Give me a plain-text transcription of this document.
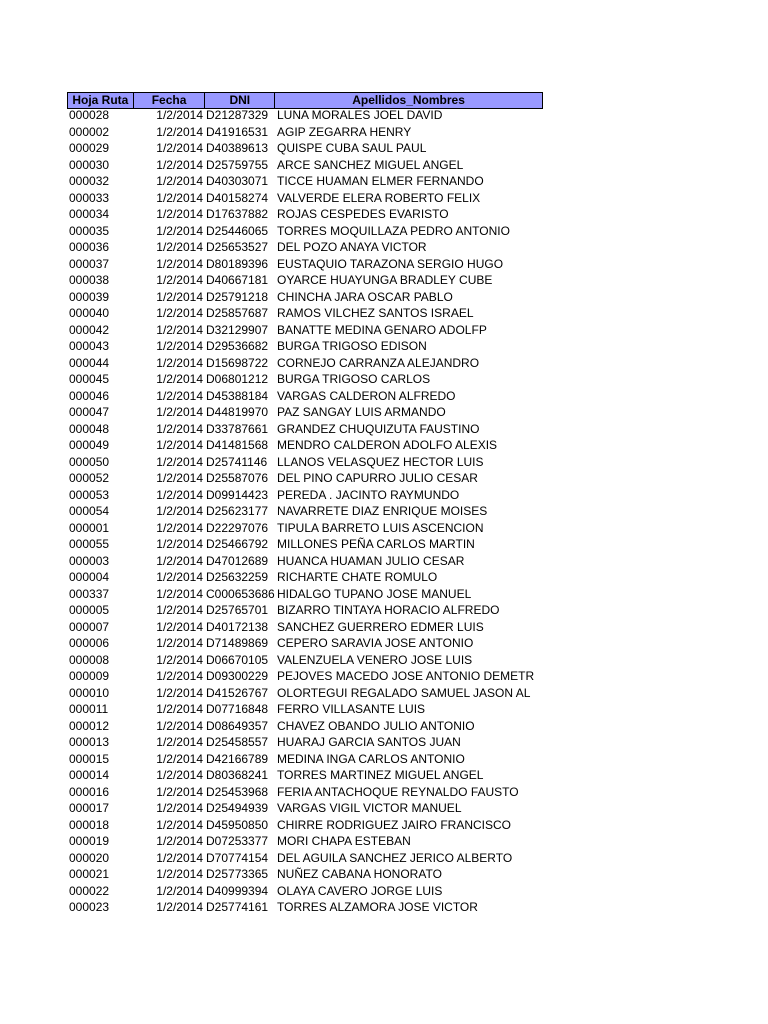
Hoja Ruta	Fecha	DNI	Apellidos_Nombres
000028	1/2/2014 D21287329 LUNA MORALES JOEL DAVID
000002	1/2/2014 D41916531 AGIP ZEGARRA HENRY
000029	1/2/2014 D40389613 QUISPE CUBA SAUL PAUL
000030	1/2/2014 D25759755 ARCE SANCHEZ MIGUEL ANGEL
000032	1/2/2014 D40303071 TICCE HUAMAN ELMER FERNANDO
000033	1/2/2014 D40158274 VALVERDE ELERA ROBERTO FELIX
000034	1/2/2014 D17637882 ROJAS CESPEDES EVARISTO
000035	1/2/2014 D25446065 TORRES MOQUILLAZA PEDRO ANTONIO
000036	1/2/2014 D25653527 DEL POZO ANAYA VICTOR
000037	1/2/2014 D80189396 EUSTAQUIO TARAZONA SERGIO HUGO
000038	1/2/2014 D40667181 OYARCE HUAYUNGA BRADLEY CUBE
000039	1/2/2014 D25791218 CHINCHA JARA OSCAR PABLO
000040	1/2/2014 D25857687 RAMOS VILCHEZ SANTOS ISRAEL
000042	1/2/2014 D32129907 BANATTE MEDINA GENARO ADOLFP
000043	1/2/2014 D29536682 BURGA TRIGOSO EDISON
000044	1/2/2014 D15698722 CORNEJO CARRANZA ALEJANDRO
000045	1/2/2014 D06801212 BURGA TRIGOSO CARLOS
000046	1/2/2014 D45388184 VARGAS CALDERON ALFREDO
000047	1/2/2014 D44819970 PAZ SANGAY LUIS ARMANDO
000048	1/2/2014 D33787661 GRANDEZ CHUQUIZUTA FAUSTINO
000049	1/2/2014 D41481568 MENDRO CALDERON ADOLFO ALEXIS
000050	1/2/2014 D25741146 LLANOS VELASQUEZ HECTOR LUIS
000052	1/2/2014 D25587076 DEL PINO CAPURRO JULIO CESAR
000053	1/2/2014 D09914423 PEREDA . JACINTO RAYMUNDO
000054	1/2/2014 D25623177 NAVARRETE DIAZ ENRIQUE MOISES
000001	1/2/2014 D22297076 TIPULA BARRETO LUIS ASCENCION
000055	1/2/2014 D25466792 MILLONES PEÑA CARLOS MARTIN
000003	1/2/2014 D47012689 HUANCA HUAMAN JULIO CESAR
000004	1/2/2014 D25632259 RICHARTE CHATE ROMULO
000337	1/2/2014 C000653686 HIDALGO TUPANO JOSE MANUEL
000005	1/2/2014 D25765701 BIZARRO TINTAYA HORACIO ALFREDO
000007	1/2/2014 D40172138 SANCHEZ GUERRERO EDMER LUIS
000006	1/2/2014 D71489869 CEPERO SARAVIA JOSE ANTONIO
000008	1/2/2014 D06670105 VALENZUELA VENERO JOSE LUIS
000009	1/2/2014 D09300229 PEJOVES MACEDO JOSE ANTONIO DEMETR
000010	1/2/2014 D41526767 OLORTEGUI REGALADO SAMUEL JASON AL
000011	1/2/2014 D07716848 FERRO VILLASANTE LUIS
000012	1/2/2014 D08649357 CHAVEZ OBANDO JULIO ANTONIO
000013	1/2/2014 D25458557 HUARAJ GARCIA SANTOS JUAN
000015	1/2/2014 D42166789 MEDINA INGA CARLOS ANTONIO
000014	1/2/2014 D80368241 TORRES MARTINEZ MIGUEL ANGEL
000016	1/2/2014 D25453968 FERIA ANTACHOQUE REYNALDO FAUSTO
000017	1/2/2014 D25494939 VARGAS VIGIL VICTOR MANUEL
000018	1/2/2014 D45950850 CHIRRE RODRIGUEZ JAIRO FRANCISCO
000019	1/2/2014 D07253377 MORI CHAPA ESTEBAN
000020	1/2/2014 D70774154 DEL AGUILA SANCHEZ JERICO ALBERTO
000021	1/2/2014 D25773365 NUÑEZ CABANA HONORATO
000022	1/2/2014 D40999394 OLAYA CAVERO JORGE LUIS
000023	1/2/2014 D25774161 TORRES ALZAMORA JOSE VICTOR
